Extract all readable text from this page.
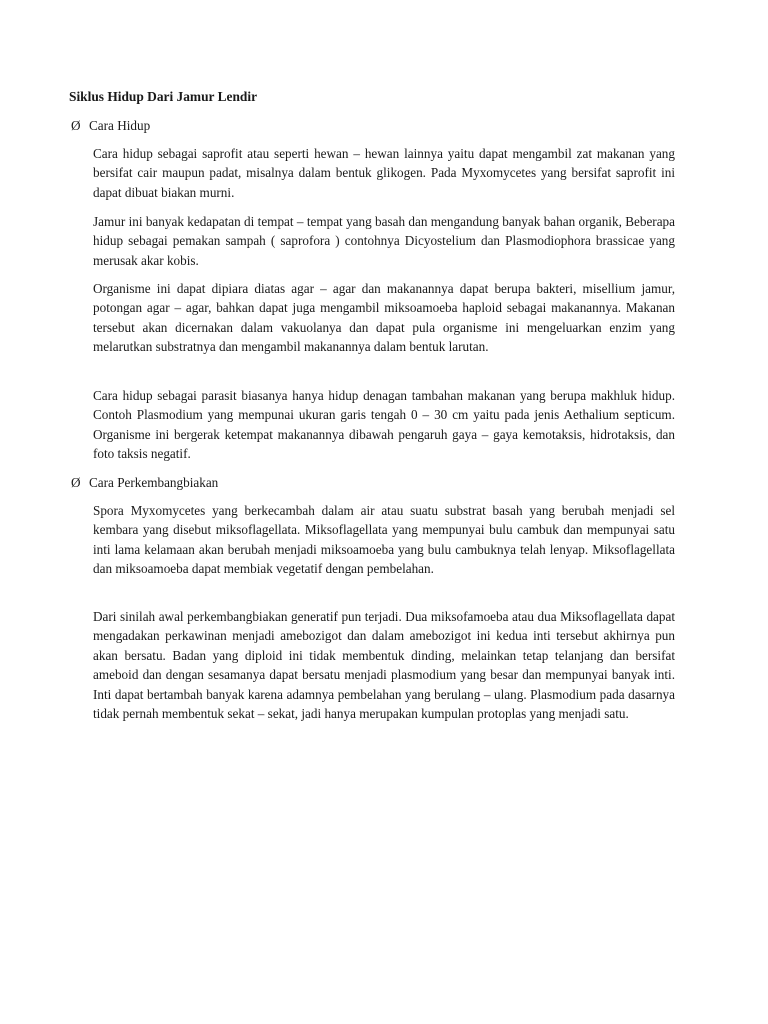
Siklus Hidup Dari Jamur Lendir

Ø Cara Hidup

Cara hidup sebagai saprofit atau seperti hewan – hewan lainnya yaitu dapat mengambil zat makanan yang bersifat cair maupun padat, misalnya dalam bentuk glikogen. Pada Myxomycetes yang bersifat saprofit ini dapat dibuat biakan murni.

Jamur ini banyak kedapatan di tempat – tempat yang basah dan mengandung banyak bahan organik, Beberapa hidup sebagai pemakan sampah ( saprofora ) contohnya Dicyostelium dan Plasmodiophora brassicae yang merusak akar kobis.

Organisme ini dapat dipiara diatas agar – agar dan makanannya dapat berupa bakteri, misellium jamur, potongan agar – agar, bahkan dapat juga mengambil miksoamoeba haploid sebagai makanannya. Makanan tersebut akan dicernakan dalam vakuolanya dan dapat pula organisme ini mengeluarkan enzim yang melarutkan substratnya dan mengambil makanannya dalam bentuk larutan.

Cara hidup sebagai parasit biasanya hanya hidup denagan tambahan makanan yang berupa makhluk hidup. Contoh Plasmodium yang mempunai ukuran garis tengah 0 – 30 cm yaitu pada jenis Aethalium septicum. Organisme ini bergerak ketempat makanannya dibawah pengaruh gaya – gaya kemotaksis, hidrotaksis, dan foto taksis negatif.

Ø Cara Perkembangbiakan

Spora Myxomycetes yang berkecambah dalam air atau suatu substrat basah yang berubah menjadi sel kembara yang disebut miksoflagellata. Miksoflagellata yang mempunyai bulu cambuk dan mempunyai satu inti lama kelamaan akan berubah menjadi miksoamoeba yang bulu cambuknya telah lenyap. Miksoflagellata dan miksoamoeba dapat membiak vegetatif dengan pembelahan.

Dari sinilah awal perkembangbiakan generatif pun terjadi. Dua miksofamoeba atau dua Miksoflagellata dapat mengadakan perkawinan menjadi amebozigot dan dalam amebozigot ini kedua inti tersebut akhirnya pun akan bersatu. Badan yang diploid ini tidak membentuk dinding, melainkan tetap telanjang dan bersifat ameboid dan dengan sesamanya dapat bersatu menjadi plasmodium yang besar dan mempunyai banyak inti. Inti dapat bertambah banyak karena adamnya pembelahan yang berulang – ulang. Plasmodium pada dasarnya tidak pernah membentuk sekat – sekat, jadi hanya merupakan kumpulan protoplas yang menjadi satu.
